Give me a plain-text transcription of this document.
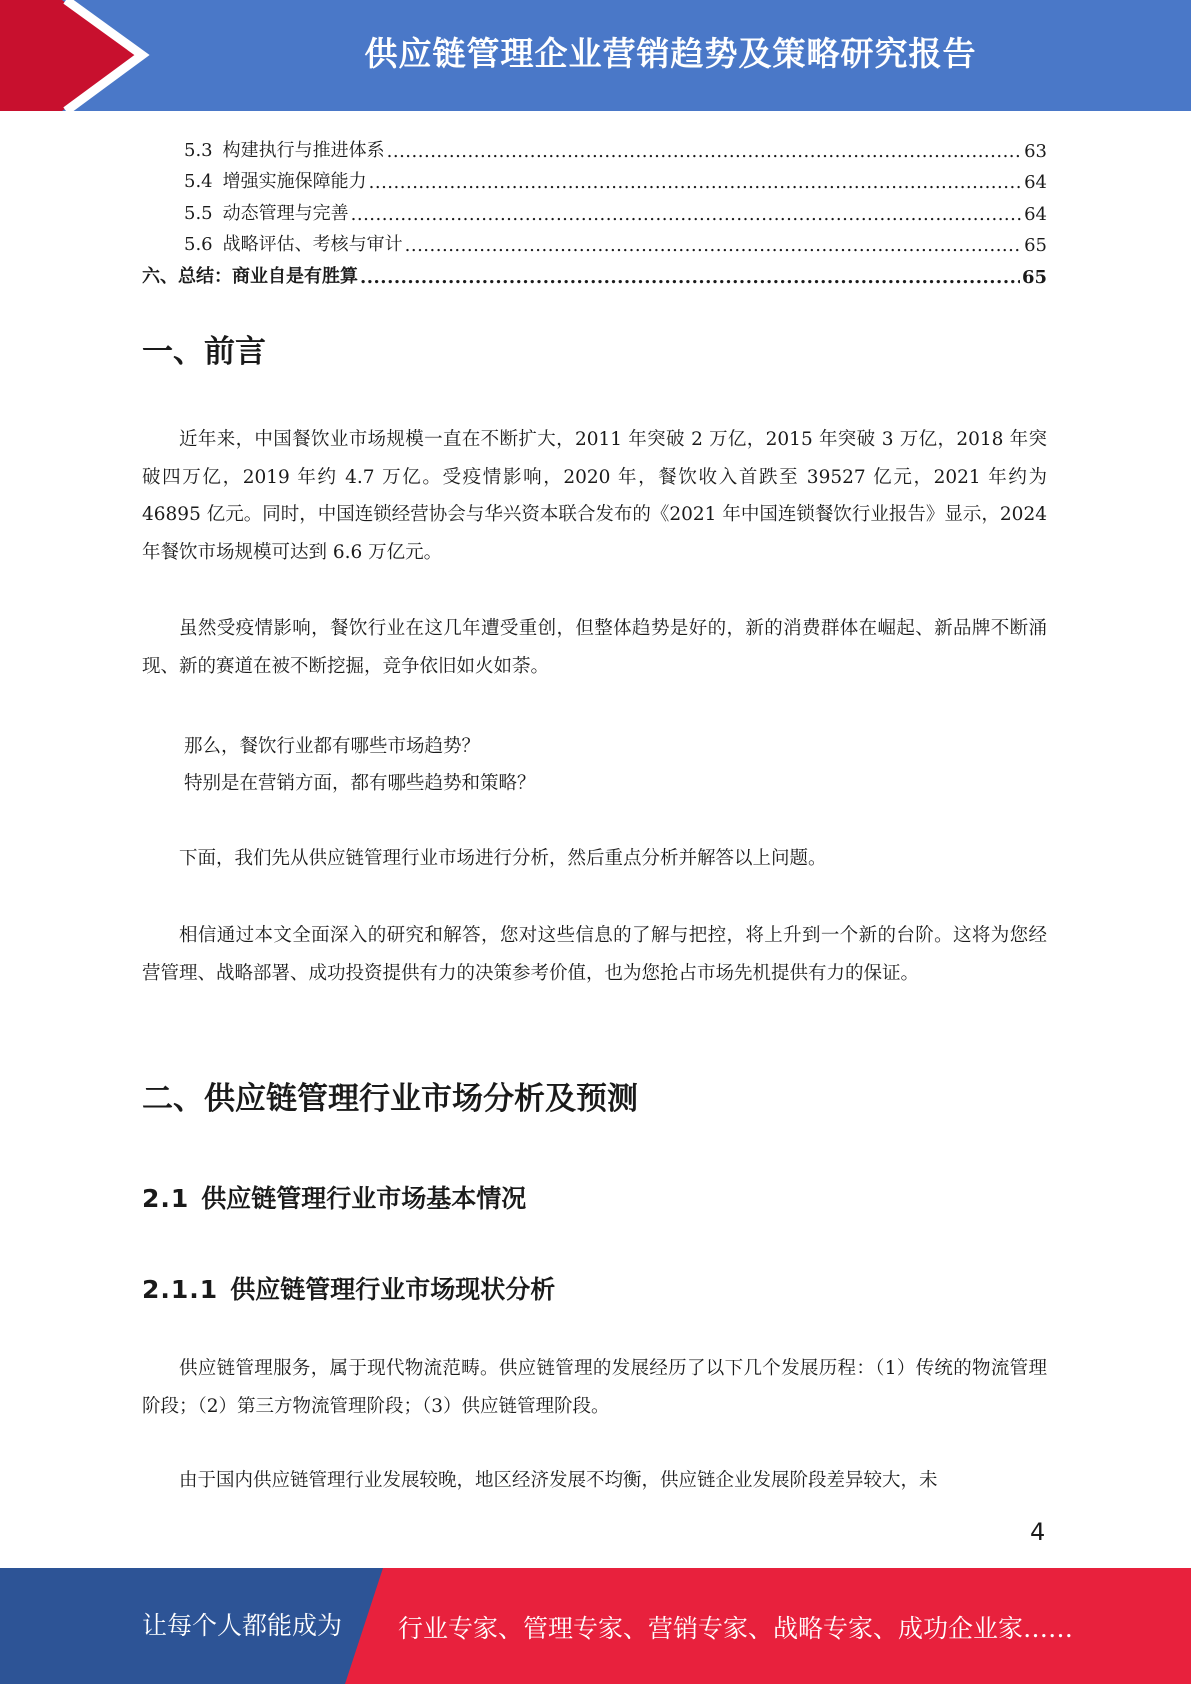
供应链管理企业营销趋势及策略研究报告
5.3 构建执行与推进体系 .....	63
5.4 增强实施保障能力 .....	64
5.5 动态管理与完善 .....	64
5.6 战略评估、考核与审计 .....	65
六、总结：商业自是有胜算 .....	65
一、前言

近年来，中国餐饮业市场规模一直在不断扩大，2011 年突破 2 万亿，2015 年突破 3 万亿，2018 年突破四万亿，2019 年约 4.7 万亿。受疫情影响，2020 年，餐饮收入首跌至 39527 亿元，2021 年约为 46895 亿元。同时，中国连锁经营协会与华兴资本联合发布的《2021 年中国连锁餐饮行业报告》显示，2024 年餐饮市场规模可达到 6.6 万亿元。

虽然受疫情影响，餐饮行业在这几年遭受重创，但整体趋势是好的，新的消费群体在崛起、新品牌不断涌现、新的赛道在被不断挖掘，竞争依旧如火如荼。

那么，餐饮行业都有哪些市场趋势？
特别是在营销方面，都有哪些趋势和策略？

下面，我们先从供应链管理行业市场进行分析，然后重点分析并解答以上问题。

相信通过本文全面深入的研究和解答，您对这些信息的了解与把控，将上升到一个新的台阶。这将为您经营管理、战略部署、成功投资提供有力的决策参考价值，也为您抢占市场先机提供有力的保证。

二、供应链管理行业市场分析及预测
2.1 供应链管理行业市场基本情况
2.1.1 供应链管理行业市场现状分析

供应链管理服务，属于现代物流范畴。供应链管理的发展经历了以下几个发展历程：（1）传统的物流管理阶段；（2）第三方物流管理阶段；（3）供应链管理阶段。

由于国内供应链管理行业发展较晚，地区经济发展不均衡，供应链企业发展阶段差异较大，未

4
让每个人都能成为 行业专家、管理专家、营销专家、战略专家、成功企业家……
